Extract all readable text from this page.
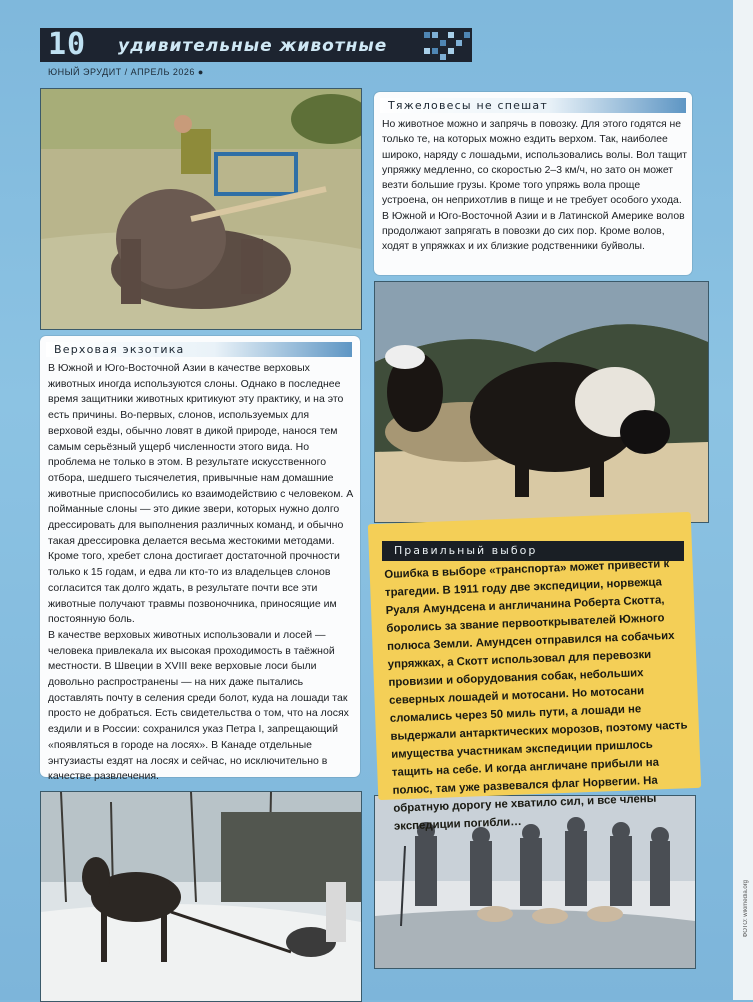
10 удивительные животные
ЮНЫЙ ЭРУДИТ / АПРЕЛЬ 2026 ●
Тяжеловесы не спешат
Но животное можно и запрячь в повозку. Для этого годятся не только те, на которых можно ездить верхом. Так, наиболее широко, наряду с лошадьми, использовались волы. Вол тащит упряжку медленно, со скоростью 2–3 км/ч, но зато он может везти большие грузы. Кроме того упряжь вола проще устроена, он неприхотлив в пище и не требует особого ухода. В Южной и Юго-Восточной Азии и в Латинской Америке волов продолжают запрягать в повозки до сих пор. Кроме волов, ходят в упряжках и их близкие родственники буйволы.
Верховая экзотика

В Южной и Юго-Восточной Азии в качестве верховых животных иногда используются слоны. Однако в последнее время защитники животных критикуют эту практику, и на это есть причины. Во-первых, слонов, используемых для верховой езды, обычно ловят в дикой природе, нанося тем самым серьёзный ущерб численности этого вида. Но проблема не только в этом. В результате искусственного отбора, шедшего тысячелетия, привычные нам домашние животные приспособились ко взаимодействию с человеком. А пойманные слоны — это дикие звери, которых нужно долго дрессировать для выполнения различных команд, и обычно такая дрессировка делается весьма жестокими методами. Кроме того, хребет слона достигает достаточной прочности только к 15 годам, и едва ли кто-то из владельцев слонов согласится так долго ждать, в результате почти все эти животные получают травмы позвоночника, приносящие им постоянную боль.

В качестве верховых животных использовали и лосей — человека привлекала их высокая проходимость в таёжной местности. В Швеции в XVIII веке верховые лоси были довольно распространены — на них даже пытались доставлять почту в селения среди болот, куда на лошади так просто не добраться. Есть свидетельства о том, что на лосях ездили и в России: сохранился указ Петра I, запрещающий «появляться в городе на лосях». В Канаде отдельные энтузиасты ездят на лосях и сейчас, но исключительно в качестве развлечения.

Правильный выбор
Ошибка в выборе «транспорта» может привести к трагедии. В 1911 году две экспедиции, норвежца Руаля Амундсена и англичанина Роберта Скотта, боролись за звание первооткрывателей Южного полюса Земли. Амундсен отправился на собачьих упряжках, а Скотт использовал для перевозки провизии и оборудования собак, небольших северных лошадей и мотосани. Но мотосани сломались через 50 миль пути, а лошади не выдержали антарктических морозов, поэтому часть имущества участникам экспедиции пришлось тащить на себе. И когда англичане прибыли на полюс, там уже развевался флаг Норвегии. На обратную дорогу не хватило сил, и все члены экспедиции погибли…
ФОТО: wikimedia.org
